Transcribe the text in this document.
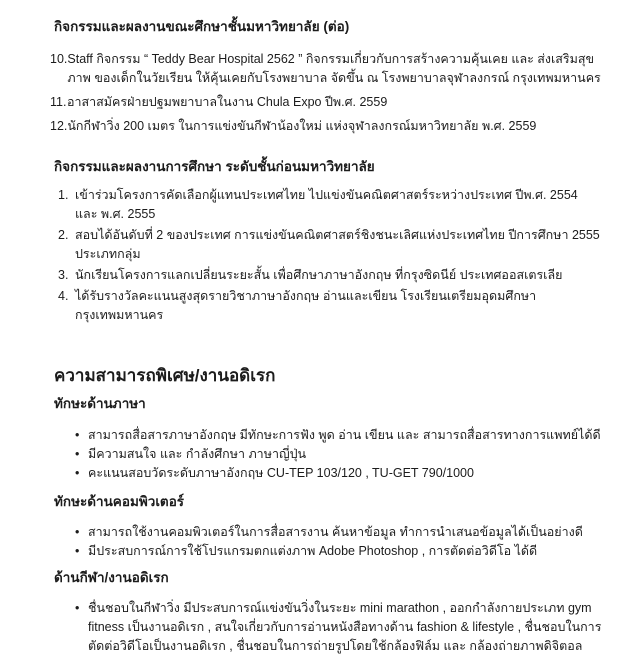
กิจกรรมและผลงานขณะศึกษาชั้นมหาวิทยาลัย (ต่อ)
10. Staff กิจกรรม “ Teddy Bear Hospital 2562 ” กิจกรรมเกี่ยวกับการสร้างความคุ้นเคย และ ส่งเสริมสุขภาพ ของเด็กในวัยเรียน ให้คุ้นเคยกับโรงพยาบาล จัดขึ้น ณ โรงพยาบาลจุฬาลงกรณ์ กรุงเทพมหานคร
11. อาสาสมัครฝ่ายปฐมพยาบาลในงาน Chula Expo ปีพ.ศ. 2559
12. นักกีฬาวิ่ง 200 เมตร ในการแข่งขันกีฬาน้องใหม่ แห่งจุฬาลงกรณ์มหาวิทยาลัย พ.ศ. 2559
กิจกรรมและผลงานการศึกษา ระดับชั้นก่อนมหาวิทยาลัย
1. เข้าร่วมโครงการคัดเลือกผู้แทนประเทศไทย ไปแข่งขันคณิตศาสตร์ระหว่างประเทศ ปีพ.ศ. 2554 และ พ.ศ. 2555
2. สอบได้อันดับที่ 2 ของประเทศ การแข่งขันคณิตศาสตร์ชิงชนะเลิศแห่งประเทศไทย ปีการศึกษา 2555 ประเภทกลุ่ม
3. นักเรียนโครงการแลกเปลี่ยนระยะสั้น เพื่อศึกษาภาษาอังกฤษ ที่กรุงซิดนีย์ ประเทศออสเตรเลีย
4. ได้รับรางวัลคะแนนสูงสุดรายวิชาภาษาอังกฤษ อ่านและเขียน โรงเรียนเตรียมอุดมศึกษา กรุงเทพมหานคร
ความสามารถพิเศษ/งานอดิเรก
ทักษะด้านภาษา
• สามารถสื่อสารภาษาอังกฤษ มีทักษะการฟัง พูด อ่าน เขียน และ สามารถสื่อสารทางการแพทย์ได้ดี
• มีความสนใจ และ กำลังศึกษา ภาษาญี่ปุ่น
• คะแนนสอบวัดระดับภาษาอังกฤษ CU-TEP 103/120 , TU-GET 790/1000
ทักษะด้านคอมพิวเตอร์
• สามารถใช้งานคอมพิวเตอร์ในการสื่อสารงาน ค้นหาข้อมูล ทำการนำเสนอข้อมูลได้เป็นอย่างดี
• มีประสบการณ์การใช้โปรแกรมตกแต่งภาพ Adobe Photoshop , การตัดต่อวิดีโอ ได้ดี
ด้านกีฬา/งานอดิเรก
• ชื่นชอบในกีฬาวิ่ง มีประสบการณ์แข่งขันวิ่งในระยะ mini marathon , ออกกำลังกายประเภท gym fitness เป็นงานอดิเรก , สนใจเกี่ยวกับการอ่านหนังสือทางด้าน fashion & lifestyle , ชื่นชอบในการตัดต่อวิดีโอเป็นงานอดิเรก , ชื่นชอบในการถ่ายรูปโดยใช้กล้องฟิล์ม และ กล้องถ่ายภาพดิจิตอล
